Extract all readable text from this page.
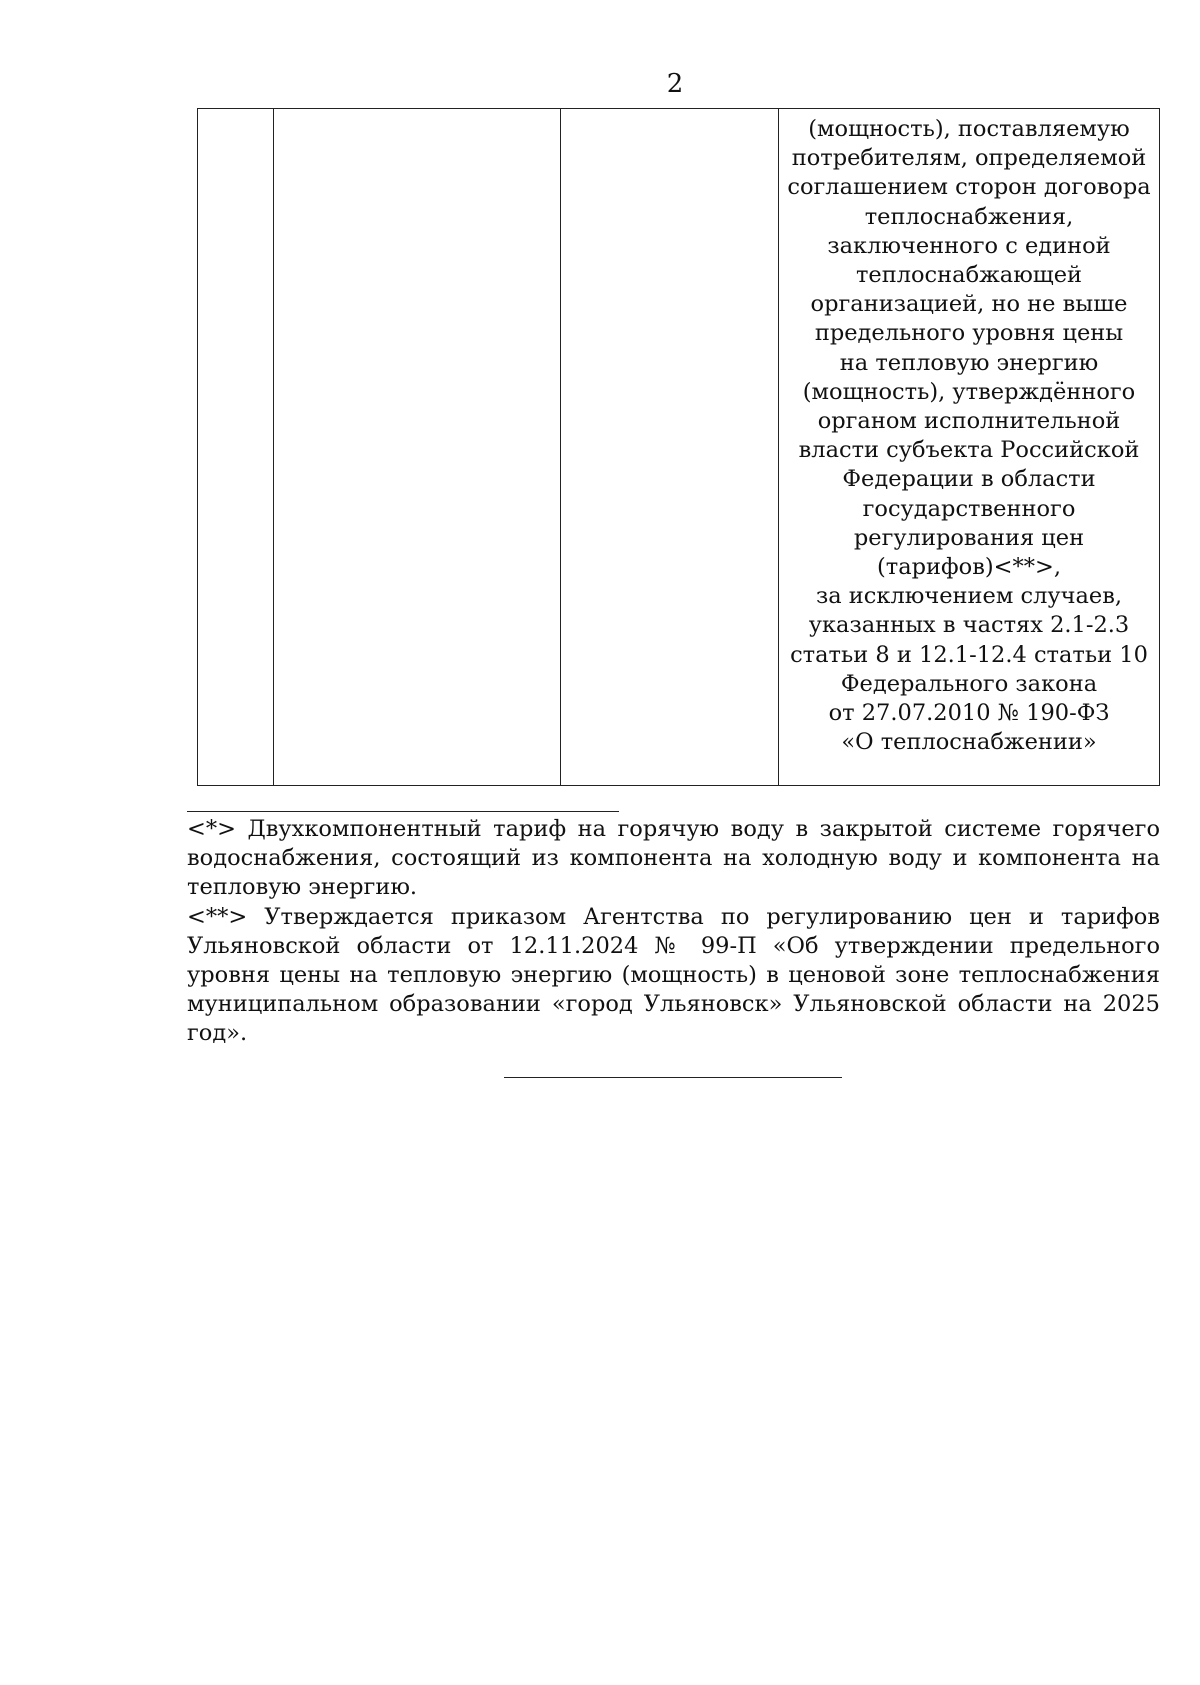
2
(мощность), поставляемую
потребителям, определяемой
соглашением сторон договора
теплоснабжения,
заключенного с единой
теплоснабжающей
организацией, но не выше
предельного уровня цены
на тепловую энергию
(мощность), утверждённого
органом исполнительной
власти субъекта Российской
Федерации в области
государственного
регулирования цен
(тарифов)<**>,
за исключением случаев,
указанных в частях 2.1-2.3
статьи 8 и 12.1-12.4 статьи 10
Федерального закона
от 27.07.2010 № 190-ФЗ
«О теплоснабжении»

<*> Двухкомпонентный тариф на горячую воду в закрытой системе горячего водоснабжения, состоящий из компонента на холодную воду и компонента на тепловую энергию.

<**> Утверждается приказом Агентства по регулированию цен и тарифов Ульяновской области от 12.11.2024 № 99-П «Об утверждении предельного уровня цены на тепловую энергию (мощность) в ценовой зоне теплоснабжения муниципальном образовании «город Ульяновск» Ульяновской области на 2025 год».
